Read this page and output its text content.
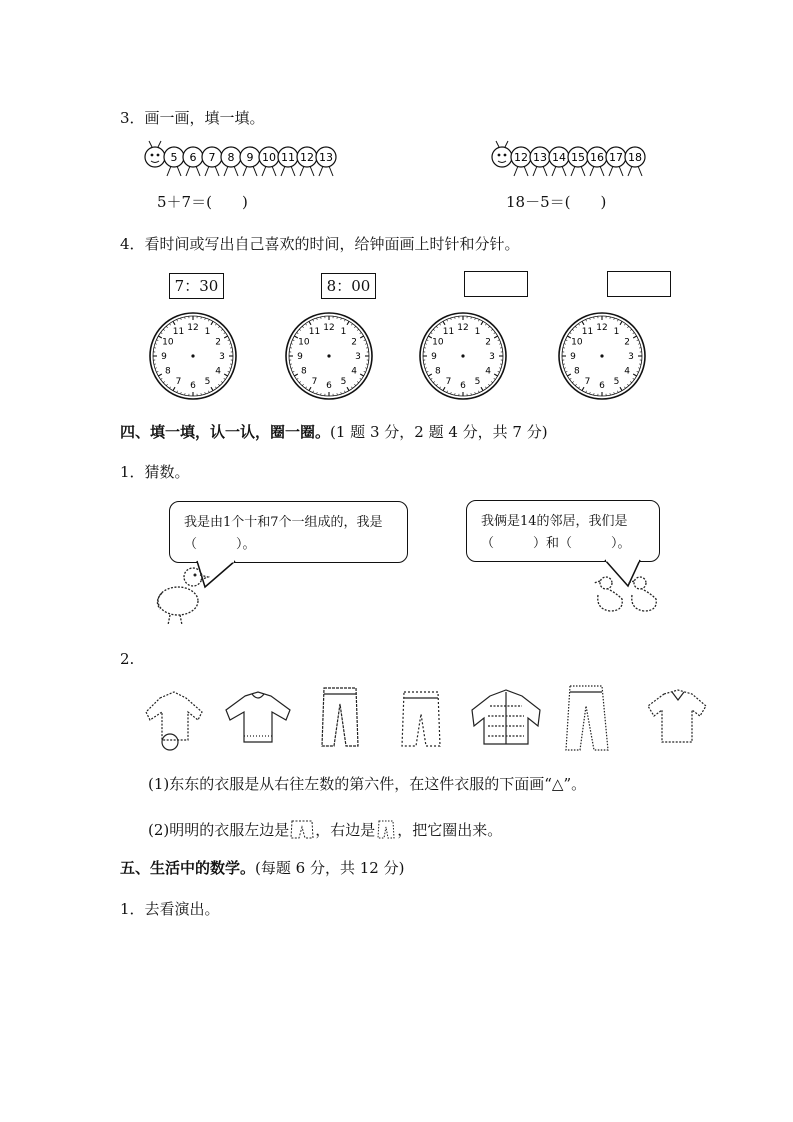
3．画一画，填一填。
5 6 7 8 9 10 11 12 13	12 13 14 15 16 17 18
5＋7＝(　　)	18－5＝(　　)
4．看时间或写出自己喜欢的时间，给钟面画上时针和分针。
7：30	8：00
12 1
2
3
4
5
6
7
8
9
10
11	12 1
2
3
4
5
6
7
8
9
10
11	12 1
2
3
4
5
6
7
8
9
10
11	12 1
2
3
4
5
6
7
8
9
10
11
四、填一填，认一认，圈一圈。(1 题 3 分，2 题 4 分，共 7 分)
1．猜数。
我是由1个十和7个一组成的，我是（　　　）。
我俩是14的邻居，我们是（　　　）和（　　　）。
2.
(1)东东的衣服是从右往左数的第六件，在这件衣服的下面画“△”。
(2)明明的衣服左边是 ，右边是 ，把它圈出来。
五、生活中的数学。(每题 6 分，共 12 分)
1．去看演出。
